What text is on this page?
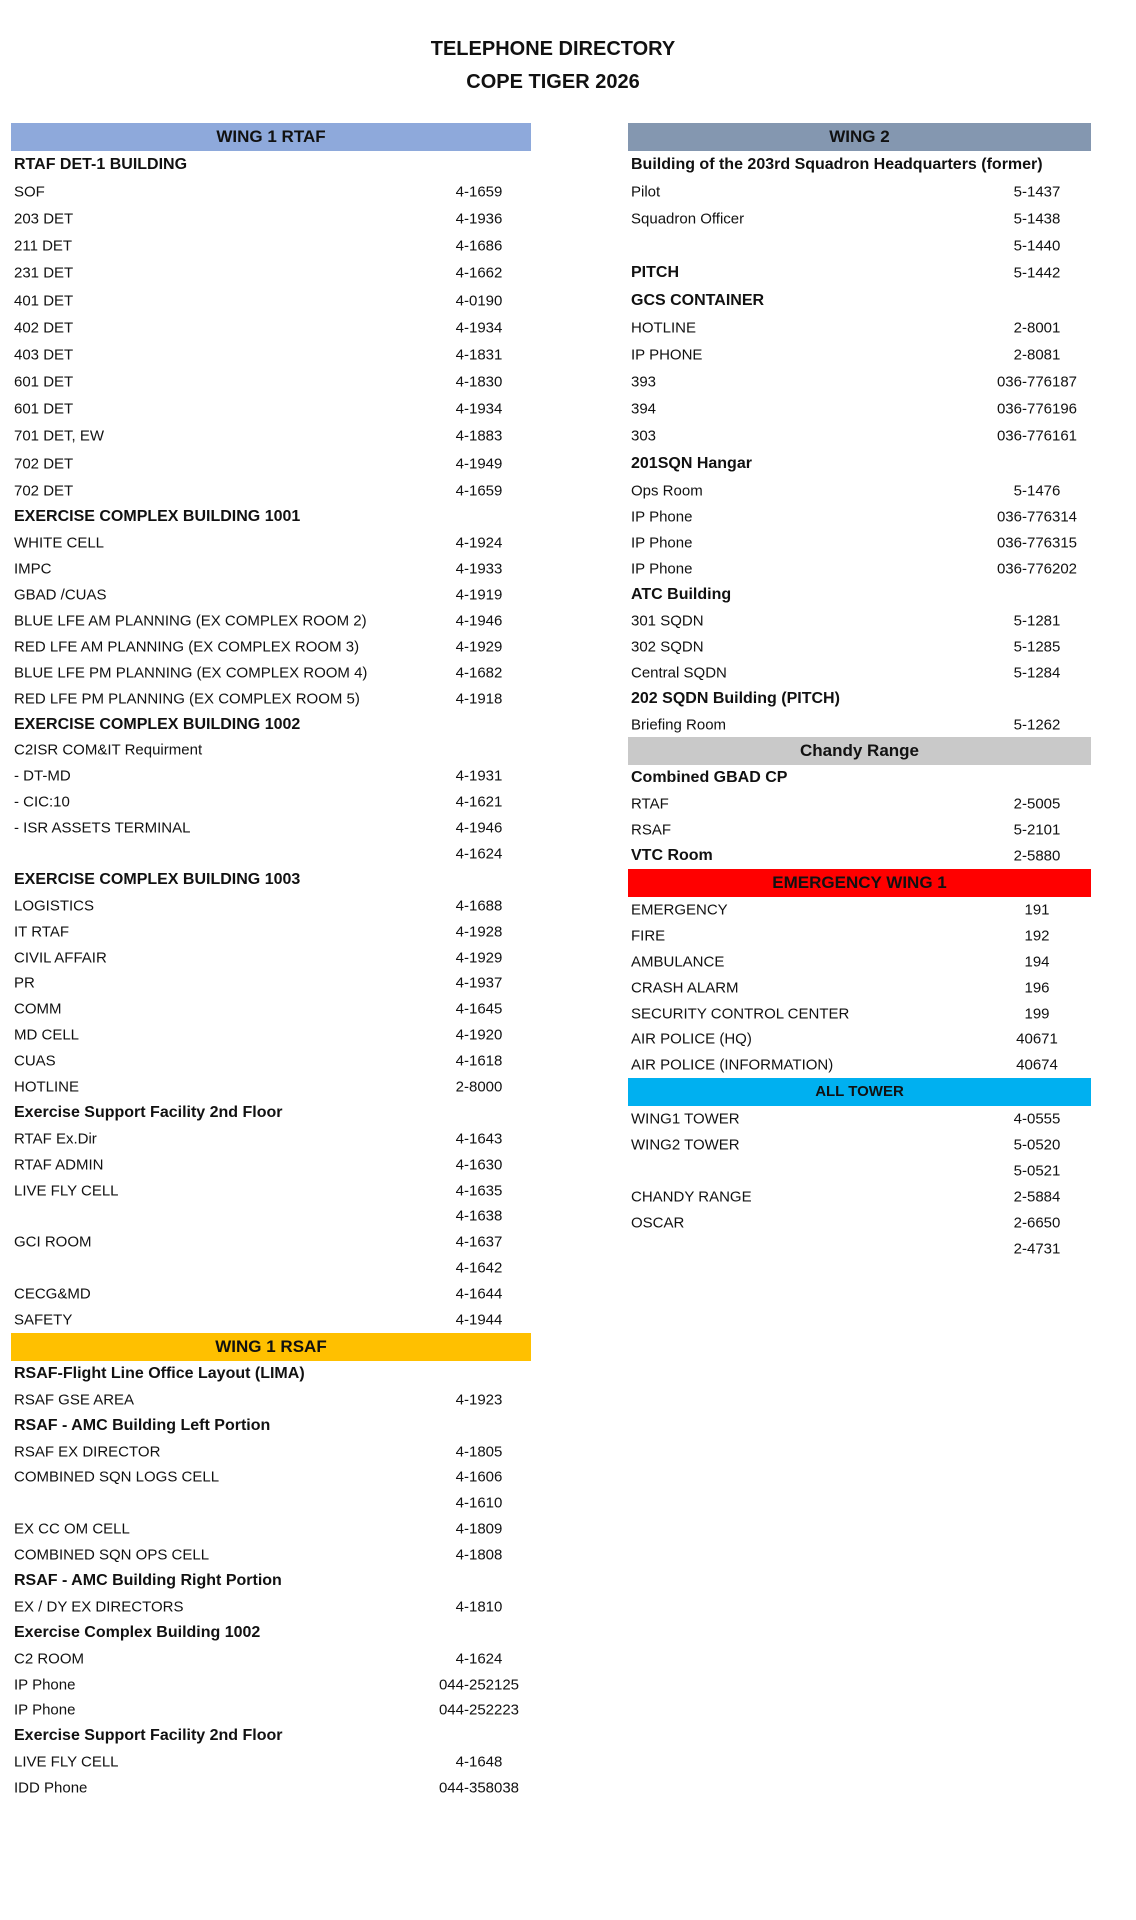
TELEPHONE DIRECTORY
COPE TIGER 2026
WING 1 RTAF
RTAF DET-1 BUILDING
SOF	4-1659
203 DET	4-1936
211 DET	4-1686
231 DET	4-1662
401 DET	4-0190
402 DET	4-1934
403 DET	4-1831
601 DET	4-1830
601 DET	4-1934
701 DET, EW	4-1883
702 DET	4-1949
702 DET	4-1659
EXERCISE COMPLEX BUILDING 1001
WHITE CELL	4-1924
IMPC	4-1933
GBAD /CUAS	4-1919
BLUE LFE AM PLANNING (EX COMPLEX ROOM 2)	4-1946
RED LFE AM PLANNING (EX COMPLEX ROOM 3)	4-1929
BLUE LFE PM PLANNING (EX COMPLEX ROOM 4)	4-1682
RED LFE PM PLANNING (EX COMPLEX ROOM 5)	4-1918
EXERCISE COMPLEX BUILDING 1002
C2ISR COM&IT Requirment
- DT-MD	4-1931
- CIC:10	4-1621
- ISR ASSETS TERMINAL	4-1946
4-1624
EXERCISE COMPLEX BUILDING 1003
LOGISTICS	4-1688
IT RTAF	4-1928
CIVIL AFFAIR	4-1929
PR	4-1937
COMM	4-1645
MD CELL	4-1920
CUAS	4-1618
HOTLINE	2-8000
Exercise Support Facility 2nd Floor
RTAF Ex.Dir	4-1643
RTAF ADMIN	4-1630
LIVE FLY CELL	4-1635
4-1638
GCI ROOM	4-1637
4-1642
CECG&MD	4-1644
SAFETY	4-1944
WING 1 RSAF
RSAF-Flight Line Office Layout (LIMA)
RSAF GSE AREA	4-1923
RSAF - AMC Building Left Portion
RSAF EX DIRECTOR	4-1805
COMBINED SQN LOGS CELL	4-1606
4-1610
EX CC OM CELL	4-1809
COMBINED SQN OPS CELL	4-1808
RSAF - AMC Building Right Portion
EX / DY EX DIRECTORS	4-1810
Exercise Complex Building 1002
C2 ROOM	4-1624
IP Phone	044-252125
IP Phone	044-252223
Exercise Support Facility 2nd Floor
LIVE FLY CELL	4-1648
IDD Phone	044-358038
WING 2
Building of the 203rd Squadron Headquarters (former)
Pilot	5-1437
Squadron Officer	5-1438
5-1440
PITCH	5-1442
GCS CONTAINER
HOTLINE	2-8001
IP PHONE	2-8081
393	036-776187
394	036-776196
303	036-776161
201SQN Hangar
Ops Room	5-1476
IP Phone	036-776314
IP Phone	036-776315
IP Phone	036-776202
ATC Building
301 SQDN	5-1281
302 SQDN	5-1285
Central SQDN	5-1284
202 SQDN Building (PITCH)
Briefing Room	5-1262
Chandy Range
Combined GBAD CP
RTAF	2-5005
RSAF	5-2101
VTC Room	2-5880
EMERGENCY WING 1
EMERGENCY	191
FIRE	192
AMBULANCE	194
CRASH ALARM	196
SECURITY CONTROL CENTER	199
AIR POLICE (HQ)	40671
AIR POLICE (INFORMATION)	40674
ALL TOWER
WING1 TOWER	4-0555
WING2 TOWER	5-0520
5-0521
CHANDY RANGE	2-5884
OSCAR	2-6650
2-4731
